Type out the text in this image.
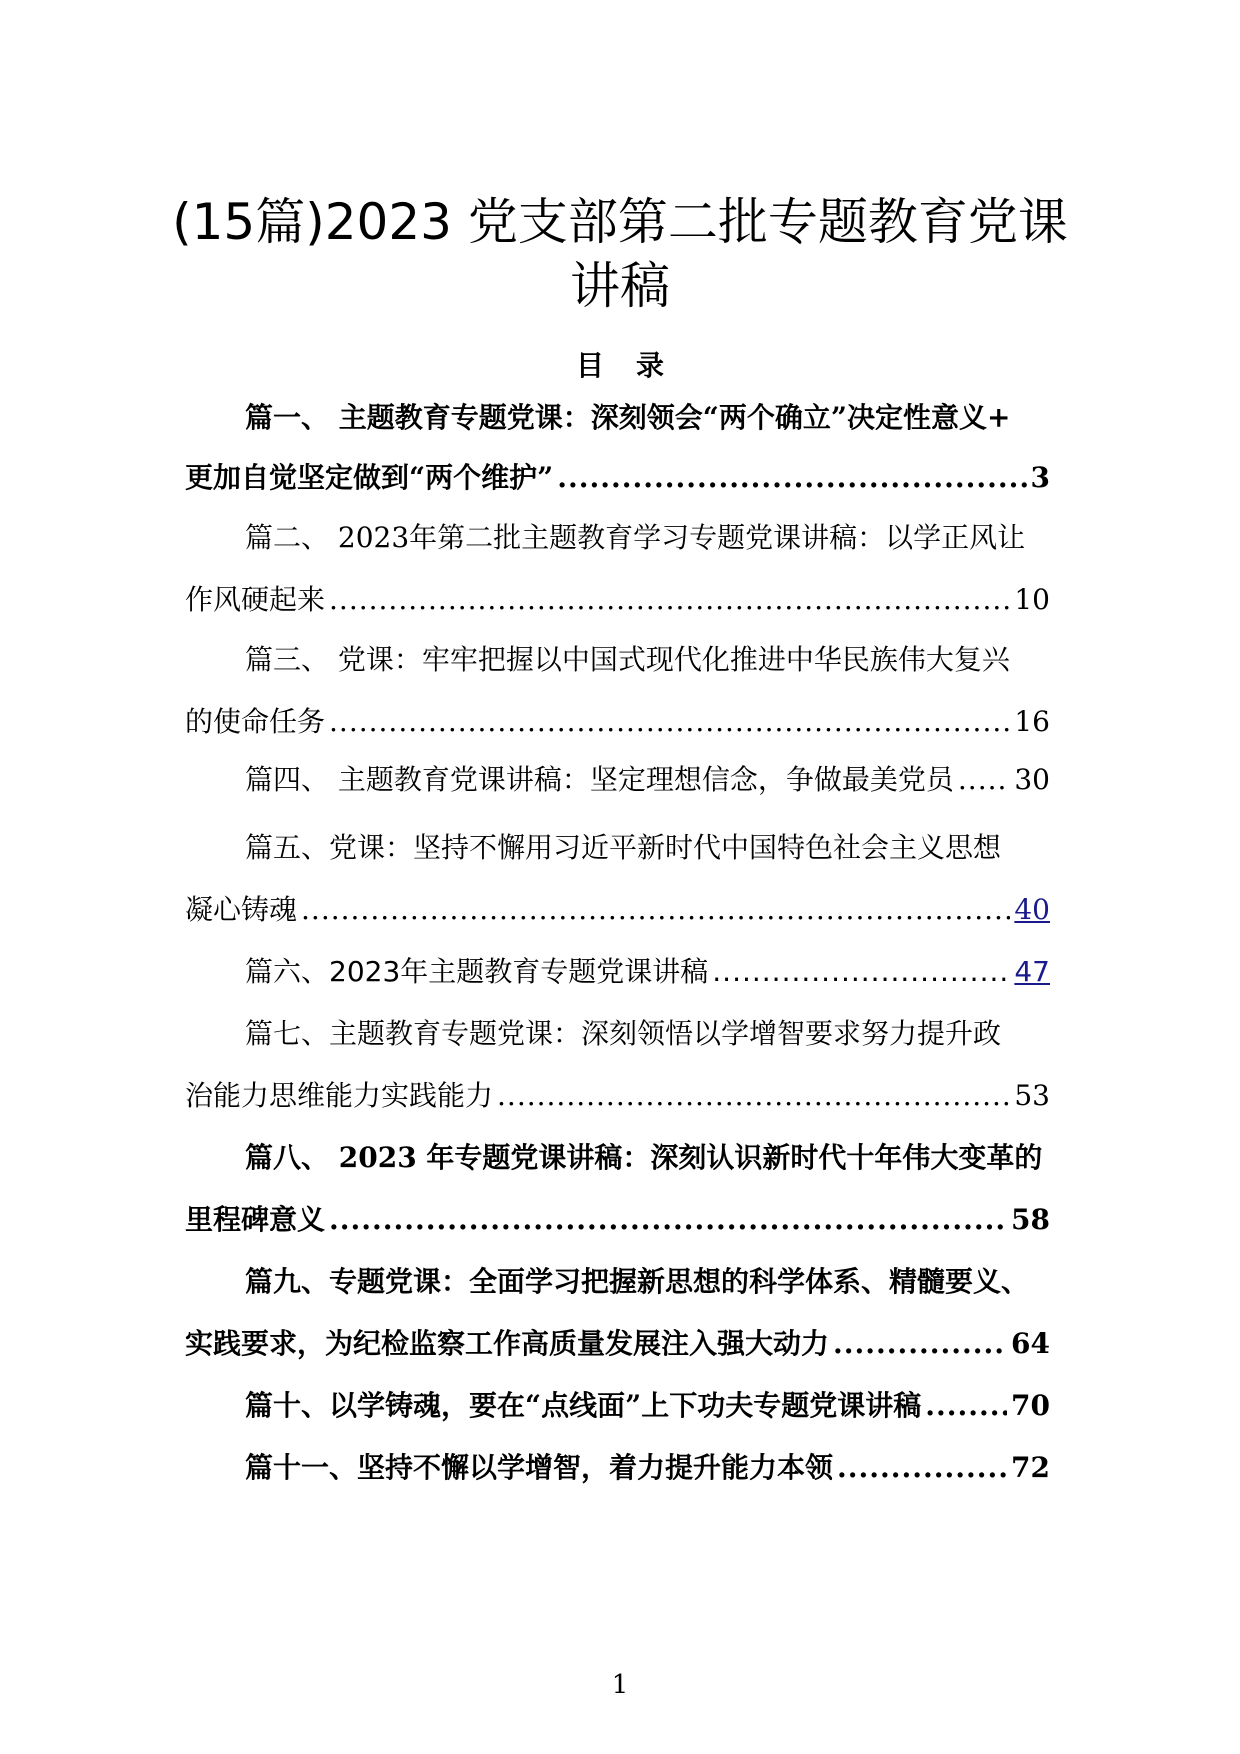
(15篇)2023 党支部第二批专题教育党课
讲稿
目 录
篇一、 主题教育专题党课：深刻领会“两个确立”决定性意义+
更加自觉坚定做到“两个维护” .....	3
篇二、 2023年第二批主题教育学习专题党课讲稿：以学正风让
作风硬起来 .....	10
篇三、 党课：牢牢把握以中国式现代化推进中华民族伟大复兴
的使命任务 .....	16
篇四、 主题教育党课讲稿：坚定理想信念，争做最美党员 ..... 30
篇五、党课：坚持不懈用习近平新时代中国特色社会主义思想
凝心铸魂 .....	40
篇六、2023年主题教育专题党课讲稿 .....	47
篇七、主题教育专题党课：深刻领悟以学增智要求努力提升政
治能力思维能力实践能力 .....	53
篇八、 2023 年专题党课讲稿：深刻认识新时代十年伟大变革的
里程碑意义 .....	58
篇九、专题党课：全面学习把握新思想的科学体系、精髓要义、
实践要求，为纪检监察工作高质量发展注入强大动力 .....	64
篇十、以学铸魂，要在“点线面”上下功夫专题党课讲稿 .....	70
篇十一、坚持不懈以学增智，着力提升能力本领 .....	72
1
